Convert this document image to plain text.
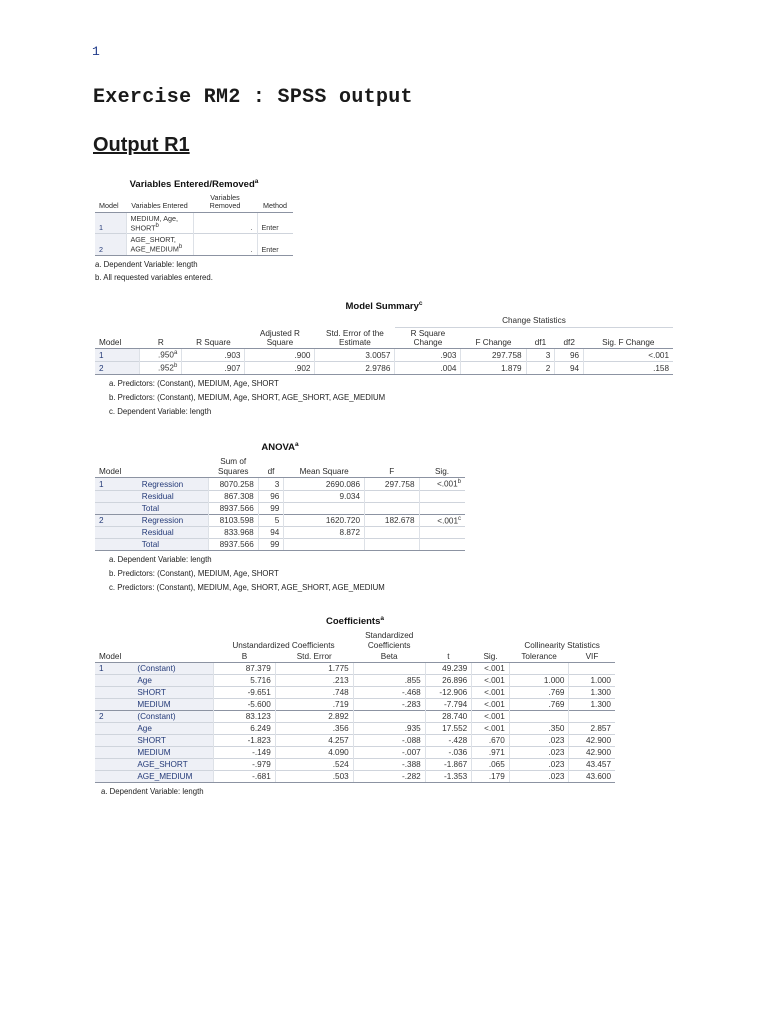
1
Exercise RM2 : SPSS output
Output R1
Variables Entered/Removed$^a$
Model	Variables Entered	Variables Removed	Method
1	MEDIUM, Age, SHORT$^b$	.	Enter
2	AGE_SHORT, AGE_MEDIUM$^b$	.	Enter
a. Dependent Variable: length
b. All requested variables entered.
Model Summary$^c$
					Change Statistics				
Model	R	R Square	Adjusted R Square	Std. Error of the Estimate	R Square Change	F Change	df1	df2	Sig. F Change
1	.950$^a$	.903	.900	3.0057	.903	297.758	3	96	<.001
2	.952$^b$	.907	.902	2.9786	.004	1.879	2	94	.158
a. Predictors: (Constant), MEDIUM, Age, SHORT
b. Predictors: (Constant), MEDIUM, Age, SHORT, AGE_SHORT, AGE_MEDIUM
c. Dependent Variable: length
ANOVA$^a$
Model		Sum of Squares	df	Mean Square	F	Sig.
1	Regression	8070.258	3	2690.086	297.758	<.001$^b$
	Residual	867.308	96	9.034		
	Total	8937.566	99			
2	Regression	8103.598	5	1620.720	182.678	<.001$^c$
	Residual	833.968	94	8.872		
	Total	8937.566	99			
a. Dependent Variable: length
b. Predictors: (Constant), MEDIUM, Age, SHORT
c. Predictors: (Constant), MEDIUM, Age, SHORT, AGE_SHORT, AGE_MEDIUM
Coefficients$^a$
		Unstandardized Coefficients		Standardized Coefficients			Collinearity Statistics	
Model		B	Std. Error	Beta	t	Sig.	Tolerance	VIF
1	(Constant)	87.379	1.775		49.239	<.001		
	Age	5.716	.213	.855	26.896	<.001	1.000	1.000
	SHORT	-9.651	.748	-.468	-12.906	<.001	.769	1.300
	MEDIUM	-5.600	.719	-.283	-7.794	<.001	.769	1.300
2	(Constant)	83.123	2.892		28.740	<.001		
	Age	6.249	.356	.935	17.552	<.001	.350	2.857
	SHORT	-1.823	4.257	-.088	-.428	.670	.023	42.900
	MEDIUM	-.149	4.090	-.007	-.036	.971	.023	42.900
	AGE_SHORT	-.979	.524	-.388	-1.867	.065	.023	43.457
	AGE_MEDIUM	-.681	.503	-.282	-1.353	.179	.023	43.600
a. Dependent Variable: length
